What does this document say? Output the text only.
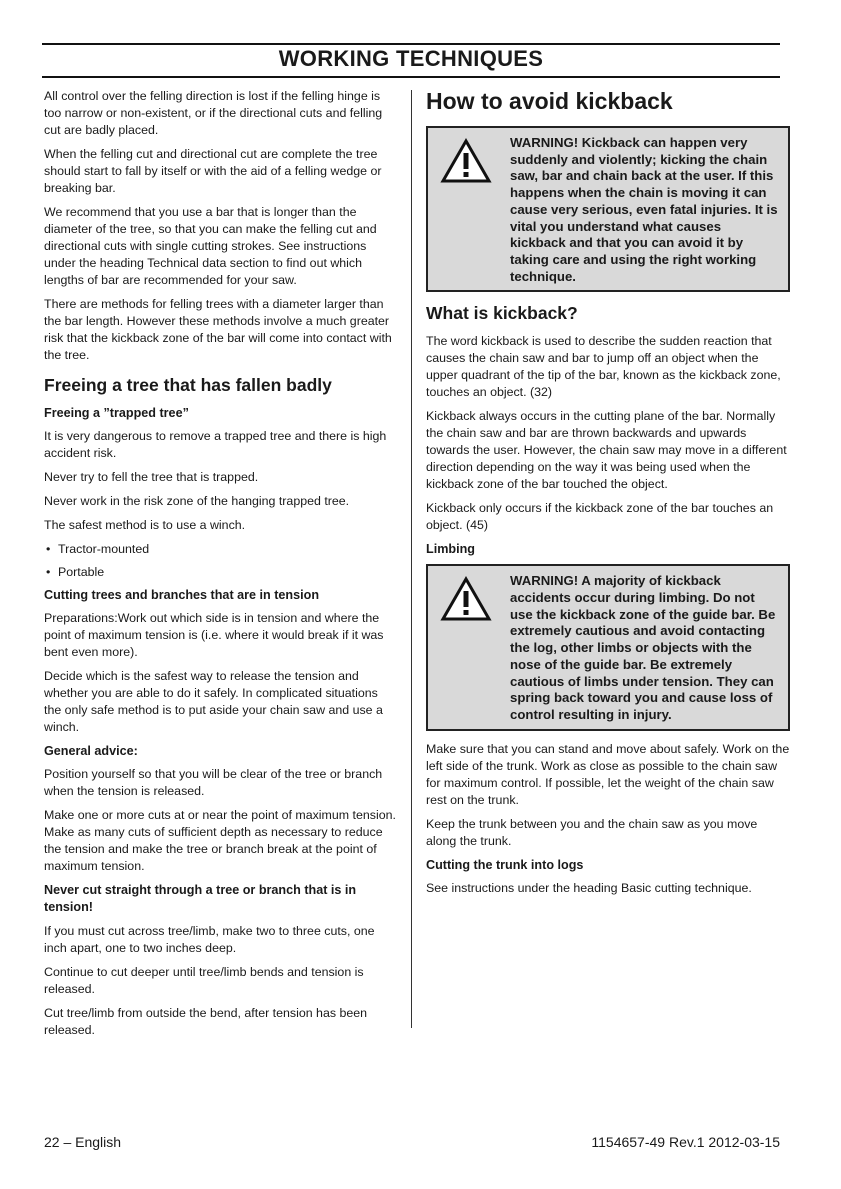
WORKING TECHNIQUES

All control over the felling direction is lost if the felling hinge is too narrow or non-existent, or if the directional cuts and felling cut are badly placed.

When the felling cut and directional cut are complete the tree should start to fall by itself or with the aid of a felling wedge or breaking bar.

We recommend that you use a bar that is longer than the diameter of the tree, so that you can make the felling cut and directional cuts with single cutting strokes. See instructions under the heading Technical data section to find out which lengths of bar are recommended for your saw.

There are methods for felling trees with a diameter larger than the bar length. However these methods involve a much greater risk that the kickback zone of the bar will come into contact with the tree.

Freeing a tree that has fallen badly
Freeing a ”trapped tree”

It is very dangerous to remove a trapped tree and there is high accident risk.

Never try to fell the tree that is trapped.

Never work in the risk zone of the hanging trapped tree.

The safest method is to use a winch.

• Tractor-mounted
• Portable
Cutting trees and branches that are in tension

Preparations:Work out which side is in tension and where the point of maximum tension is (i.e. where it would break if it was bent even more).

Decide which is the safest way to release the tension and whether you are able to do it safely. In complicated situations the only safe method is to put aside your chain saw and use a winch.

General advice:

Position yourself so that you will be clear of the tree or branch when the tension is released.

Make one or more cuts at or near the point of maximum tension. Make as many cuts of sufficient depth as necessary to reduce the tension and make the tree or branch break at the point of maximum tension.

Never cut straight through a tree or branch that is in tension!

If you must cut across tree/limb, make two to three cuts, one inch apart, one to two inches deep.

Continue to cut deeper until tree/limb bends and tension is released.

Cut tree/limb from outside the bend, after tension has been released.

How to avoid kickback

WARNING! Kickback can happen very suddenly and violently; kicking the chain saw, bar and chain back at the user. If this happens when the chain is moving it can cause very serious, even fatal injuries. It is vital you understand what causes kickback and that you can avoid it by taking care and using the right working technique.

What is kickback?

The word kickback is used to describe the sudden reaction that causes the chain saw and bar to jump off an object when the upper quadrant of the tip of the bar, known as the kickback zone, touches an object. (32)

Kickback always occurs in the cutting plane of the bar. Normally the chain saw and bar are thrown backwards and upwards towards the user. However, the chain saw may move in a different direction depending on the way it was being used when the kickback zone of the bar touched the object.

Kickback only occurs if the kickback zone of the bar touches an object. (45)

Limbing

WARNING! A majority of kickback accidents occur during limbing. Do not use the kickback zone of the guide bar. Be extremely cautious and avoid contacting the log, other limbs or objects with the nose of the guide bar. Be extremely cautious of limbs under tension. They can spring back toward you and cause loss of control resulting in injury.

Make sure that you can stand and move about safely. Work on the left side of the trunk. Work as close as possible to the chain saw for maximum control. If possible, let the weight of the chain saw rest on the trunk.

Keep the trunk between you and the chain saw as you move along the trunk.

Cutting the trunk into logs

See instructions under the heading Basic cutting technique.

22 – English	1154657-49 Rev.1 2012-03-15
